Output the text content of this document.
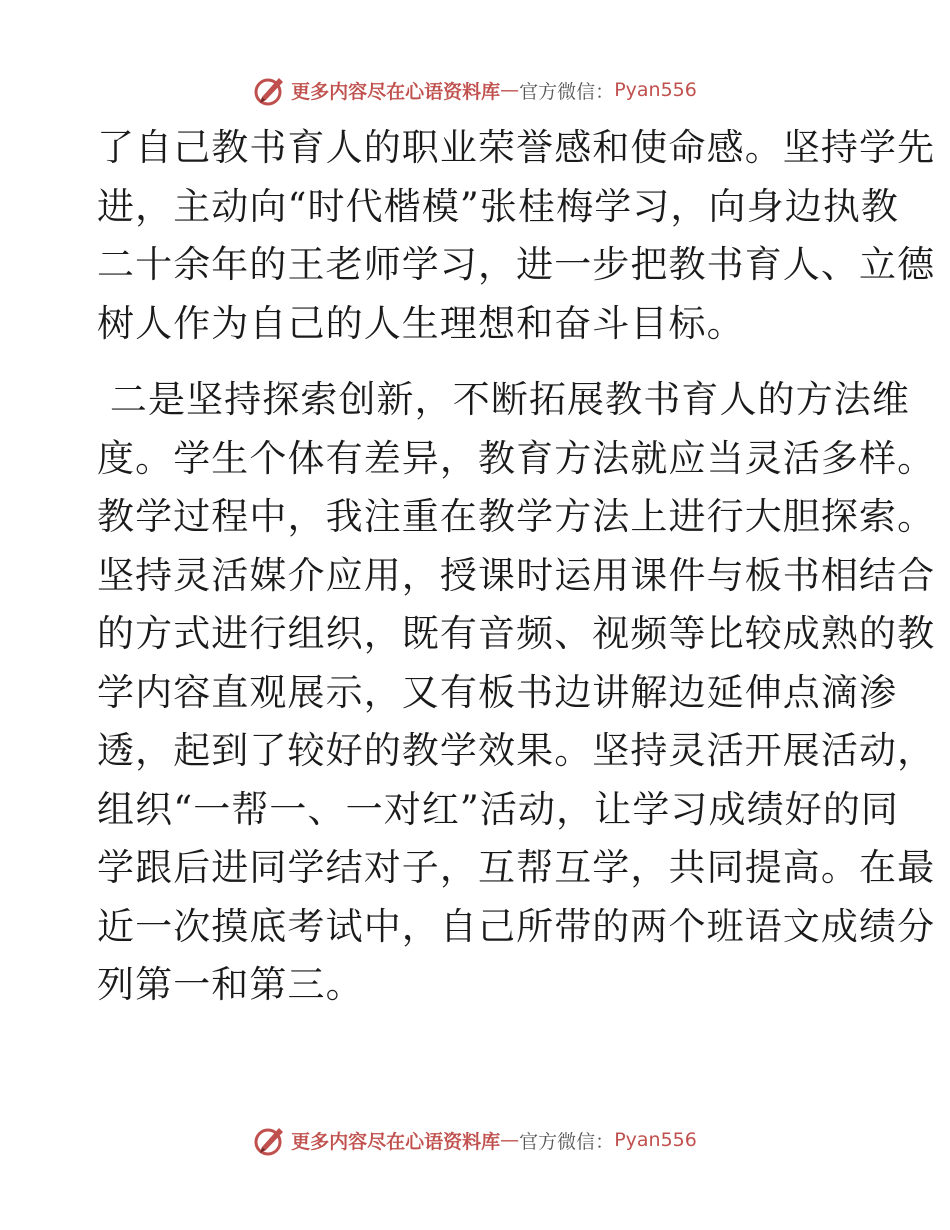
更多内容尽在心语资料库 — 官方微信： Pyan556
了自己教书育人的职业荣誉感和使命感。坚持学先
进，主动向“时代楷模”张桂梅学习，向身边执教
二十余年的王老师学习，进一步把教书育人、立德
树人作为自己的人生理想和奋斗目标。
二是坚持探索创新，不断拓展教书育人的方法维
度。学生个体有差异，教育方法就应当灵活多样。
教学过程中，我注重在教学方法上进行大胆探索。
坚持灵活媒介应用，授课时运用课件与板书相结合
的方式进行组织，既有音频、视频等比较成熟的教
学内容直观展示，又有板书边讲解边延伸点滴渗
透，起到了较好的教学效果。坚持灵活开展活动，
组织“一帮一、一对红”活动，让学习成绩好的同
学跟后进同学结对子，互帮互学，共同提高。在最
近一次摸底考试中，自己所带的两个班语文成绩分
列第一和第三。
更多内容尽在心语资料库 — 官方微信： Pyan556
